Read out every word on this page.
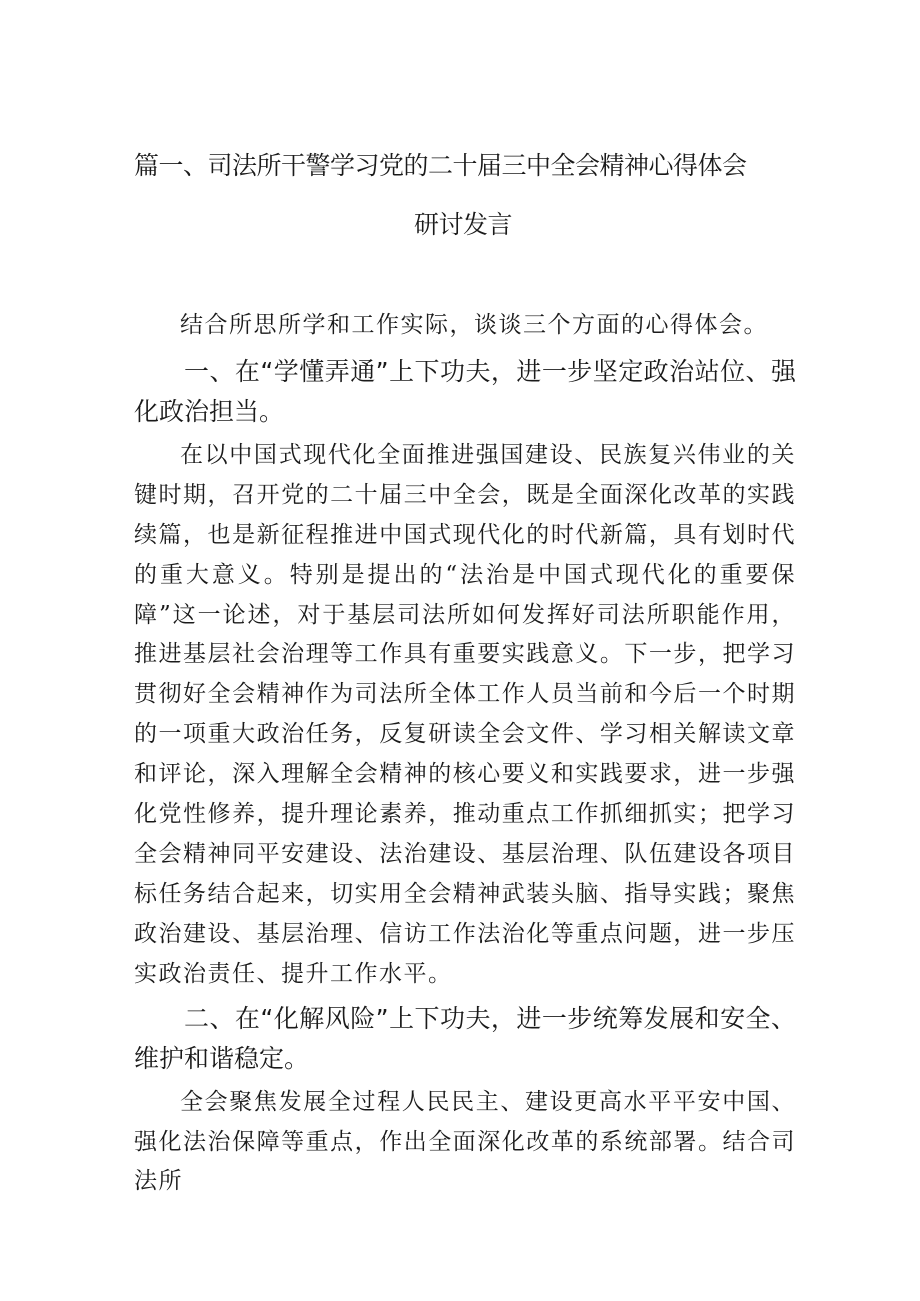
篇一、司法所干警学习党的二十届三中全会精神心得体会
研讨发言

结合所思所学和工作实际，谈谈三个方面的心得体会。

一、在“学懂弄通”上下功夫，进一步坚定政治站位、强化政治担当。

在以中国式现代化全面推进强国建设、民族复兴伟业的关键时期，召开党的二十届三中全会，既是全面深化改革的实践续篇，也是新征程推进中国式现代化的时代新篇，具有划时代的重大意义。特别是提出的“法治是中国式现代化的重要保障”这一论述，对于基层司法所如何发挥好司法所职能作用，推进基层社会治理等工作具有重要实践意义。下一步，把学习贯彻好全会精神作为司法所全体工作人员当前和今后一个时期的一项重大政治任务，反复研读全会文件、学习相关解读文章和评论，深入理解全会精神的核心要义和实践要求，进一步强化党性修养，提升理论素养，推动重点工作抓细抓实；把学习全会精神同平安建设、法治建设、基层治理、队伍建设各项目标任务结合起来，切实用全会精神武装头脑、指导实践；聚焦政治建设、基层治理、信访工作法治化等重点问题，进一步压实政治责任、提升工作水平。

二、在“化解风险”上下功夫，进一步统筹发展和安全、维护和谐稳定。

全会聚焦发展全过程人民民主、建设更高水平平安中国、强化法治保障等重点，作出全面深化改革的系统部署。结合司法所
